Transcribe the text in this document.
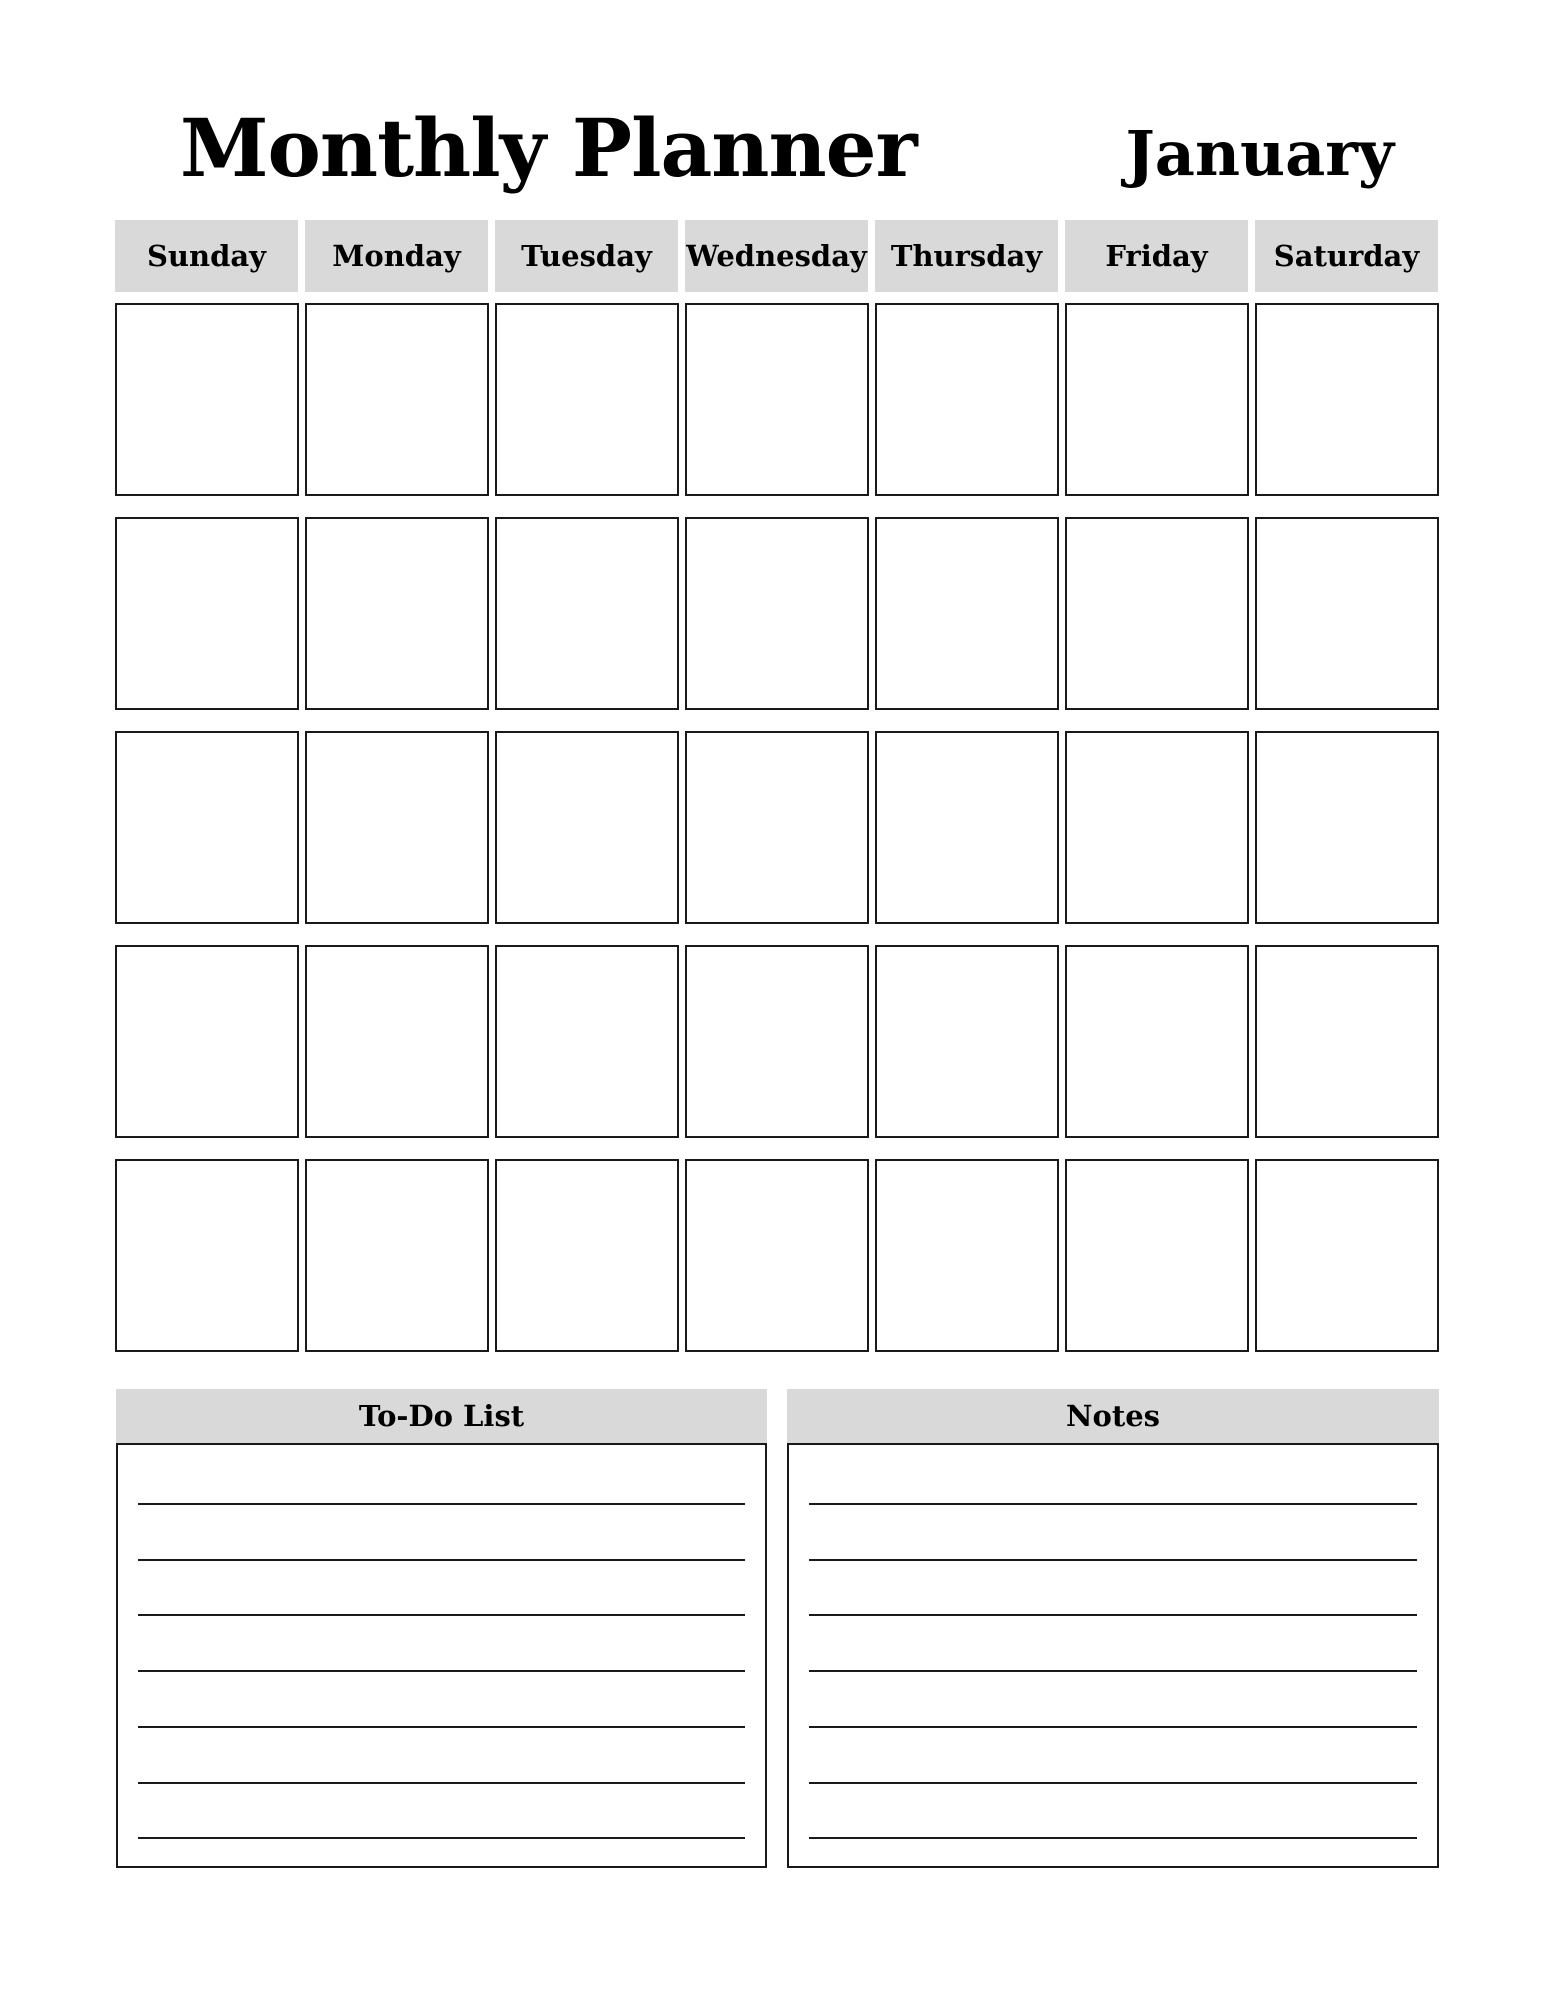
Monthly Planner	January
Sunday	Monday	Tuesday	Wednesday Thursday	Friday	Saturday
To-Do List	Notes
